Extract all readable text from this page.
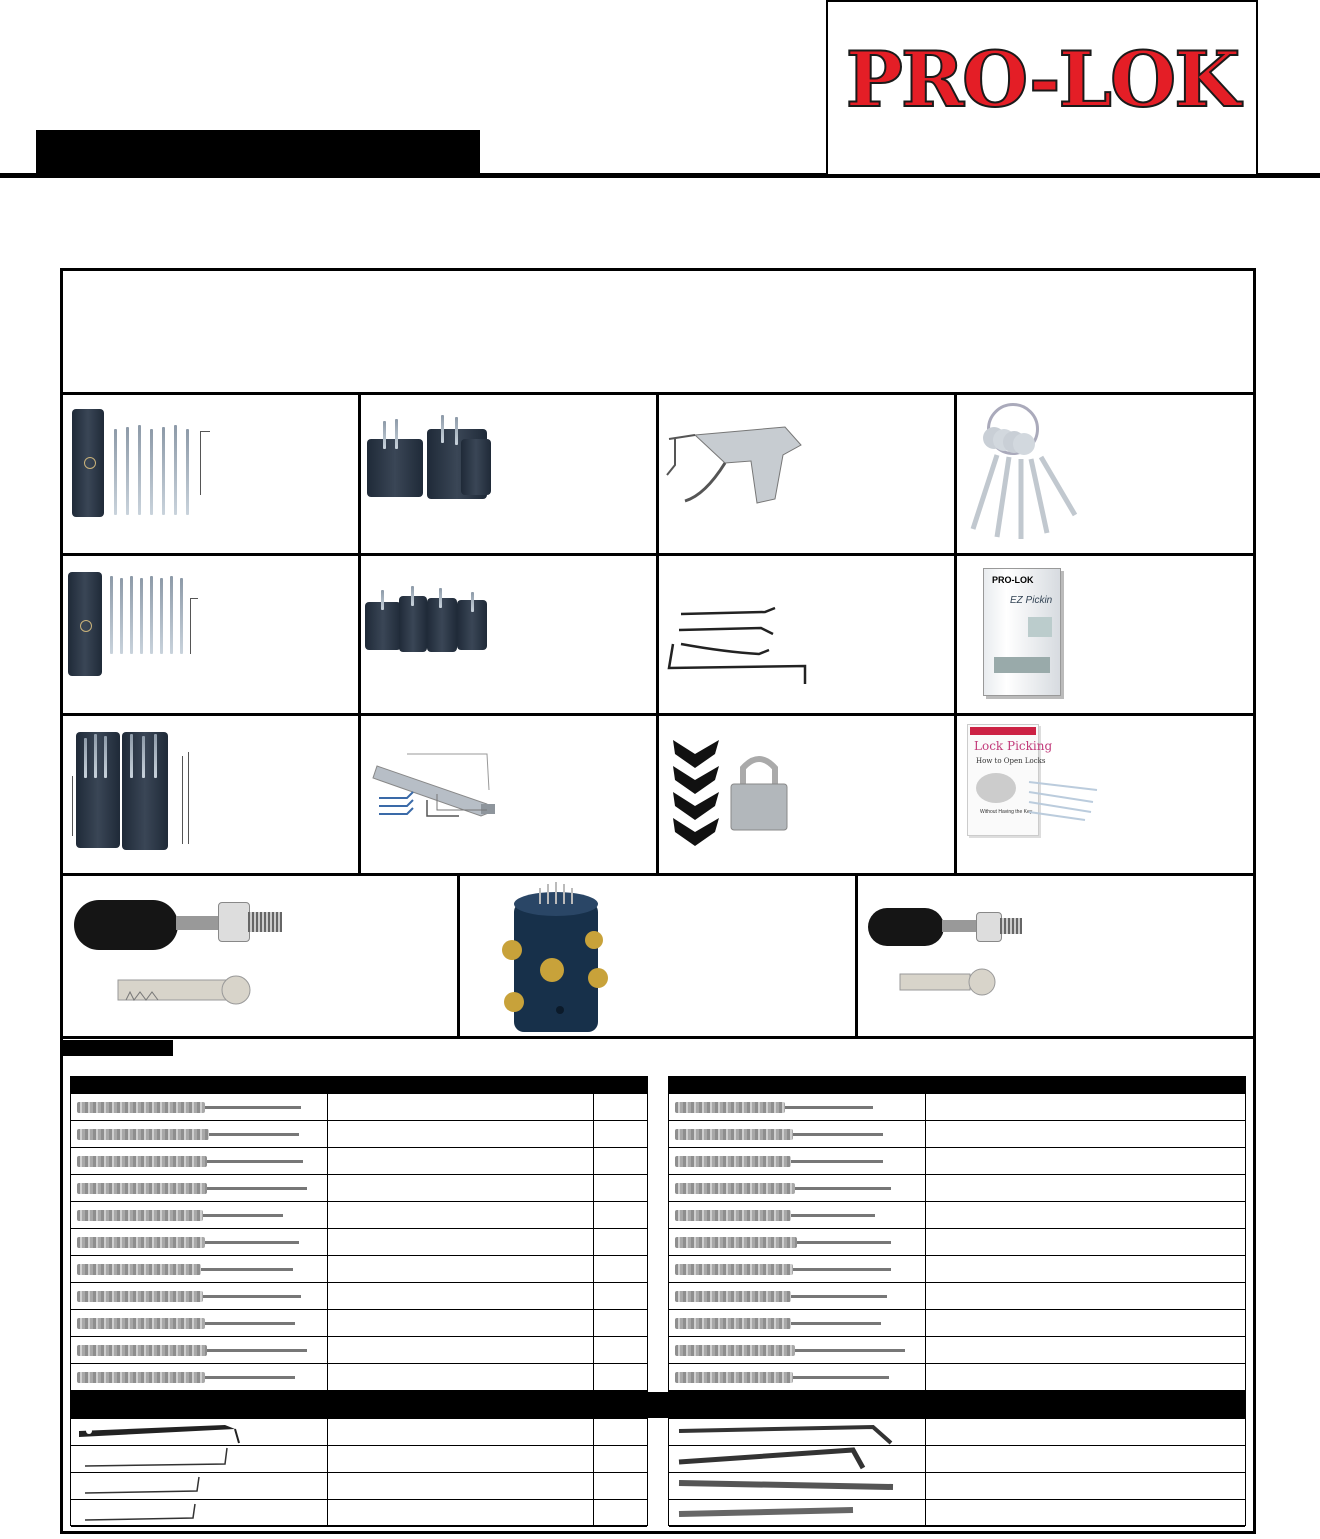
PRO-LOK
PRO-LOK
EZ Pickin
Lock Picking
How to Open Locks
Without Having the Key
